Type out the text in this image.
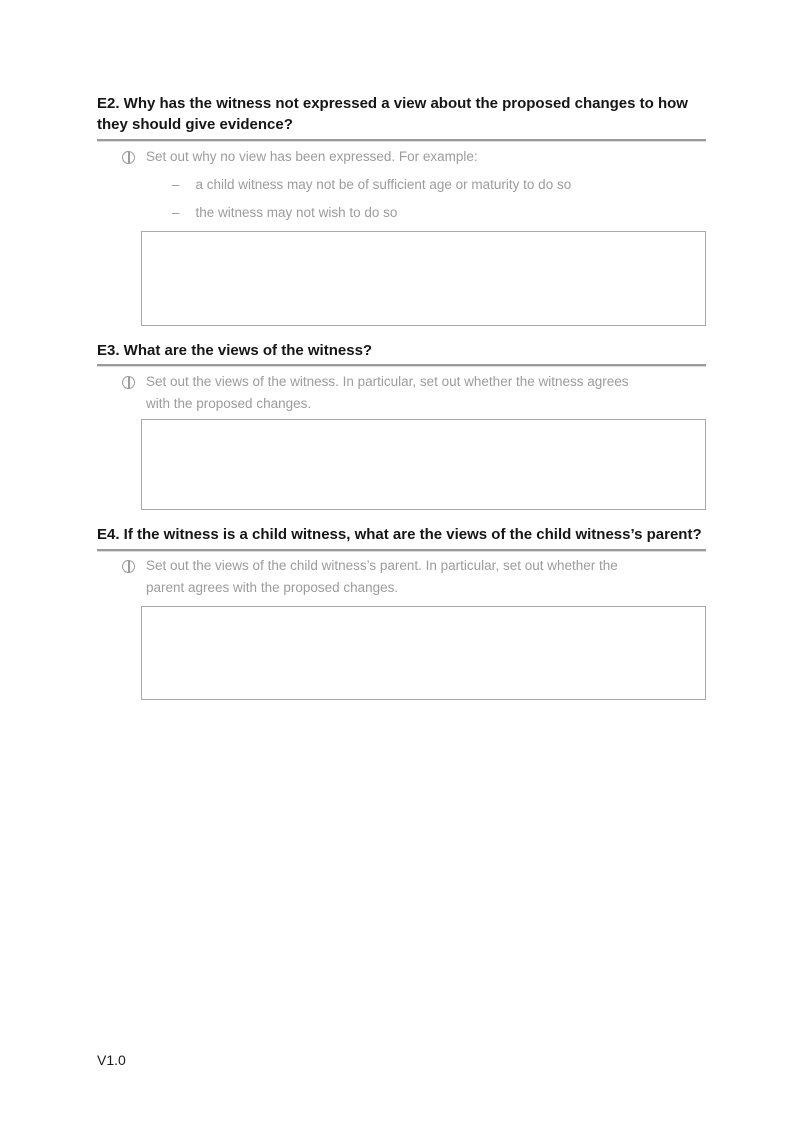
E2. Why has the witness not expressed a view about the proposed changes to how
they should give evidence?
Set out why no view has been expressed. For example:
– a child witness may not be of sufficient age or maturity to do so
– the witness may not wish to do so
E3. What are the views of the witness?
Set out the views of the witness. In particular, set out whether the witness agrees
with the proposed changes.
E4. If the witness is a child witness, what are the views of the child witness’s parent?
Set out the views of the child witness’s parent. In particular, set out whether the
parent agrees with the proposed changes.
V1.0
